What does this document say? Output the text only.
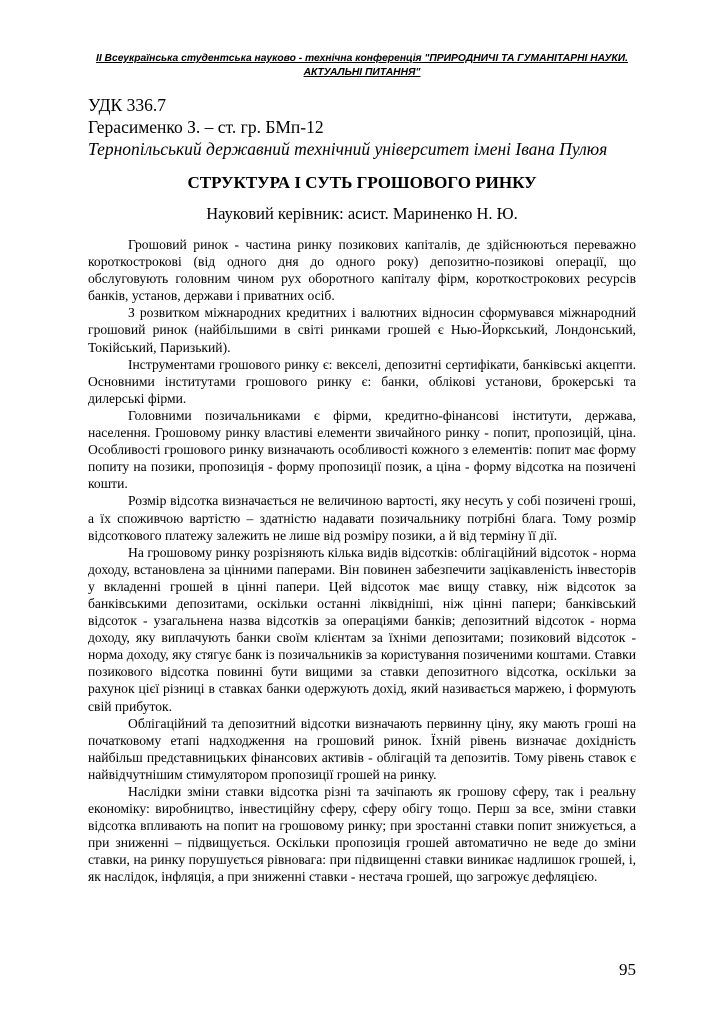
ІІ Всеукраїнська студентська науково - технічна конференція "ПРИРОДНИЧІ ТА ГУМАНІТАРНІ НАУКИ. АКТУАЛЬНІ ПИТАННЯ"
УДК 336.7
Герасименко З. – ст. гр. БМп-12
Тернопільський державний технічний університет імені Івана Пулюя
СТРУКТУРА І СУТЬ ГРОШОВОГО РИНКУ
Науковий керівник: асист. Мариненко Н. Ю.

Грошовий ринок - частина ринку позикових капіталів, де здійснюються переважно короткострокові (від одного дня до одного року) депозитно-позикові операції, що обслуговують головним чином рух оборотного капіталу фірм, короткострокових ресурсів банків, установ, держави і приватних осіб.

З розвитком міжнародних кредитних і валютних відносин сформувався міжнародний грошовий ринок (найбільшими в світі ринками грошей є Нью-Йоркський, Лондонський, Токійський, Паризький).

Інструментами грошового ринку є: векселі, депозитні сертифікати, банківські акцепти. Основними інститутами грошового ринку є: банки, облікові установи, брокерські та дилерські фірми.

Головними позичальниками є фірми, кредитно-фінансові інститути, держава, населення. Грошовому ринку властиві елементи звичайного ринку - попит, пропозицій, ціна. Особливості грошового ринку визначають особливості кожного з елементів: попит має форму попиту на позики, пропозиція - форму пропозиції позик, а ціна - форму відсотка на позичені кошти.

Розмір відсотка визначається не величиною вартості, яку несуть у собі позичені гроші, а їх споживчою вартістю – здатністю надавати позичальнику потрібні блага. Тому розмір відсоткового платежу залежить не лише від розміру позики, а й від терміну її дії.

На грошовому ринку розрізняють кілька видів відсотків: облігаційний відсоток - норма доходу, встановлена за цінними паперами. Він повинен забезпечити зацікавленість інвесторів у вкладенні грошей в цінні папери. Цей відсоток має вищу ставку, ніж відсоток за банківськими депозитами, оскільки останні ліквідніші, ніж цінні папери; банківський відсоток - узагальнена назва відсотків за операціями банків; депозитний відсоток - норма доходу, яку виплачують банки своїм клієнтам за їхніми депозитами; позиковий відсоток - норма доходу, яку стягує банк із позичальників за користування позиченими коштами. Ставки позикового відсотка повинні бути вищими за ставки депозитного відсотка, оскільки за рахунок цієї різниці в ставках банки одержують дохід, який називається маржею, і формують свій прибуток.

Облігаційний та депозитний відсотки визначають первинну ціну, яку мають гроші на початковому етапі надходження на грошовий ринок. Їхній рівень визначає дохідність найбільш представницьких фінансових активів - облігацій та депозитів. Тому рівень ставок є найвідчутнішим стимулятором пропозиції грошей на ринку.

Наслідки зміни ставки відсотка різні та зачіпають як грошову сферу, так і реальну економіку: виробництво, інвестиційну сферу, сферу обігу тощо. Перш за все, зміни ставки відсотка впливають на попит на грошовому ринку; при зростанні ставки попит знижується, а при зниженні – підвищується. Оскільки пропозиція грошей автоматично не веде до зміни ставки, на ринку порушується рівновага: при підвищенні ставки виникає надлишок грошей, і, як наслідок, інфляція, а при зниженні ставки - нестача грошей, що загрожує дефляцією.

95
